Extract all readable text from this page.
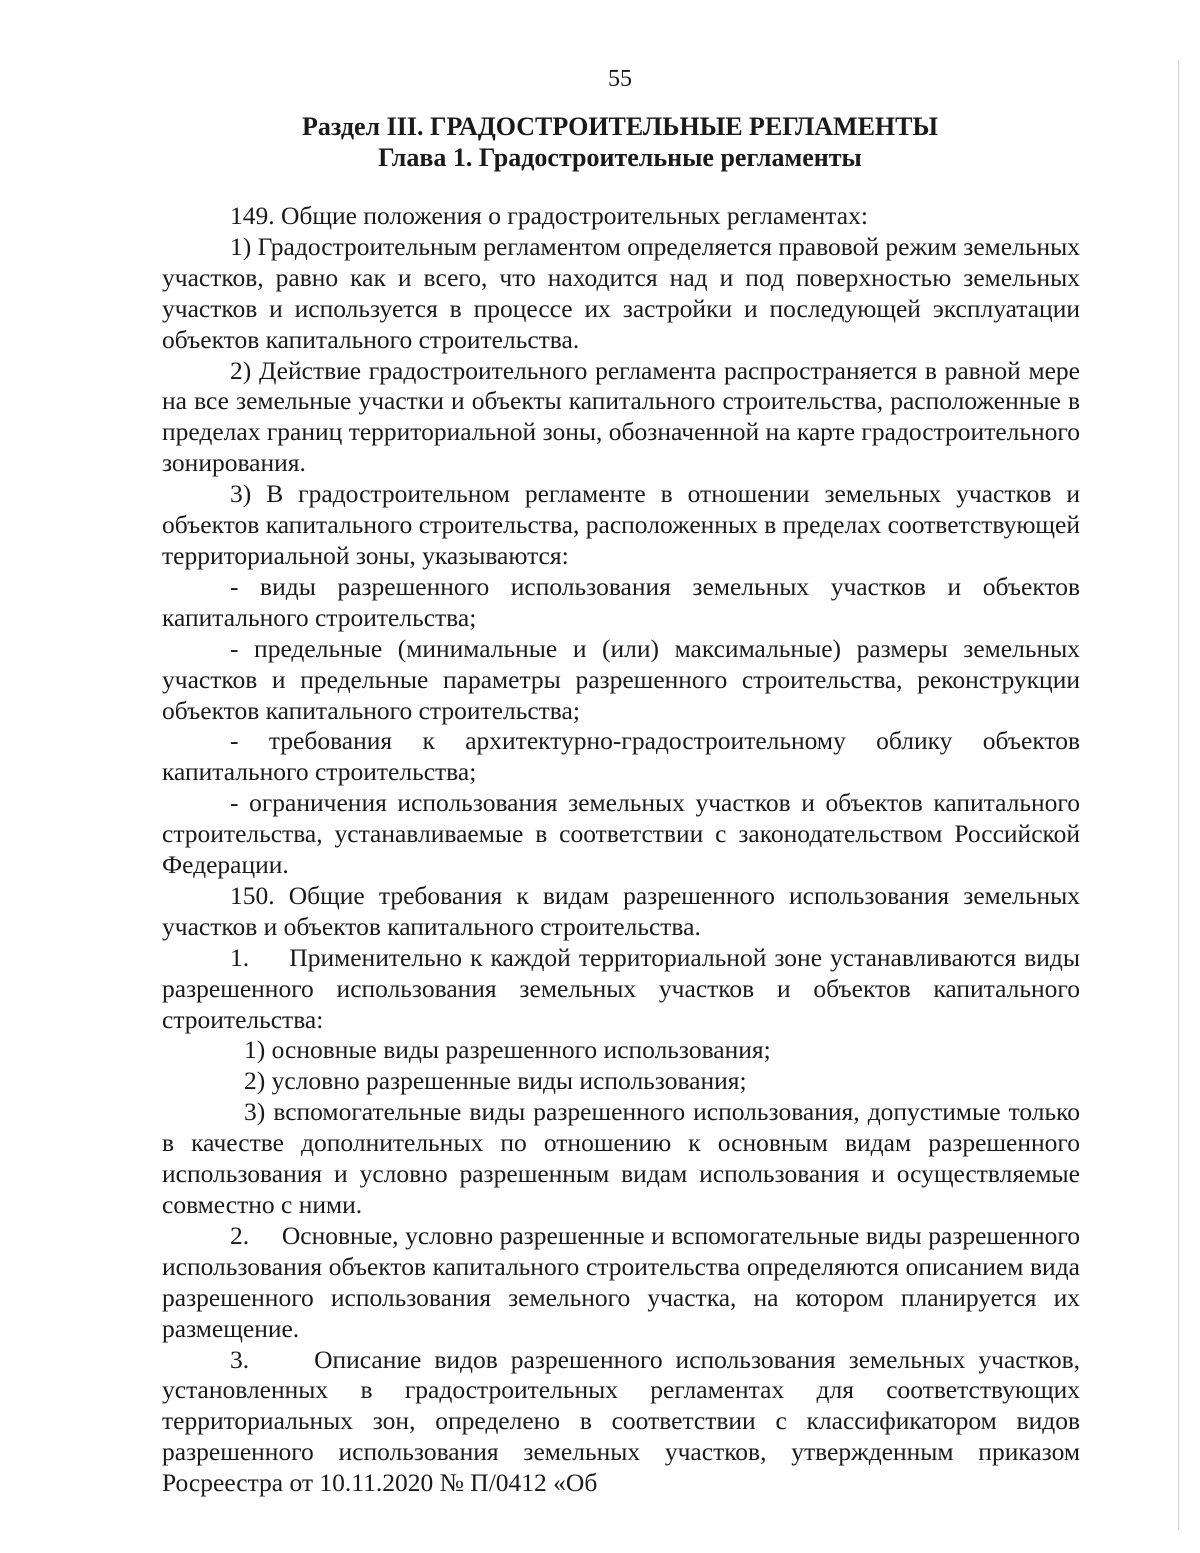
55
Раздел III. ГРАДОСТРОИТЕЛЬНЫЕ РЕГЛАМЕНТЫ
Глава 1. Градостроительные регламенты

149. Общие положения о градостроительных регламентах:

1) Градостроительным регламентом определяется правовой режим земельных участков, равно как и всего, что находится над и под поверхностью земельных участков и используется в процессе их застройки и последующей эксплуатации объектов капитального строительства.

2) Действие градостроительного регламента распространяется в равной мере на все земельные участки и объекты капитального строительства, расположенные в пределах границ территориальной зоны, обозначенной на карте градостроительного зонирования.

3) В градостроительном регламенте в отношении земельных участков и объектов капитального строительства, расположенных в пределах соответствующей территориальной зоны, указываются:

- виды разрешенного использования земельных участков и объектов капитального строительства;

- предельные (минимальные и (или) максимальные) размеры земельных участков и предельные параметры разрешенного строительства, реконструкции объектов капитального строительства;

- требования к архитектурно-градостроительному облику объектов капитального строительства;

- ограничения использования земельных участков и объектов капитального строительства, устанавливаемые в соответствии с законодательством Российской Федерации.

150. Общие требования к видам разрешенного использования земельных участков и объектов капитального строительства.

1.     Применительно к каждой территориальной зоне устанавливаются виды разрешенного использования земельных участков и объектов капитального строительства:

1) основные виды разрешенного использования;

2) условно разрешенные виды использования;

3) вспомогательные виды разрешенного использования, допустимые только в качестве дополнительных по отношению к основным видам разрешенного использования и условно разрешенным видам использования и осуществляемые совместно с ними.

2.     Основные, условно разрешенные и вспомогательные виды разрешенного использования объектов капитального строительства определяются описанием вида разрешенного использования земельного участка, на котором планируется их размещение.

3.     Описание видов разрешенного использования земельных участков, установленных в градостроительных регламентах для соответствующих территориальных зон, определено в соответствии с классификатором видов разрешенного использования земельных участков, утвержденным приказом Росреестра от 10.11.2020 № П/0412 «Об
